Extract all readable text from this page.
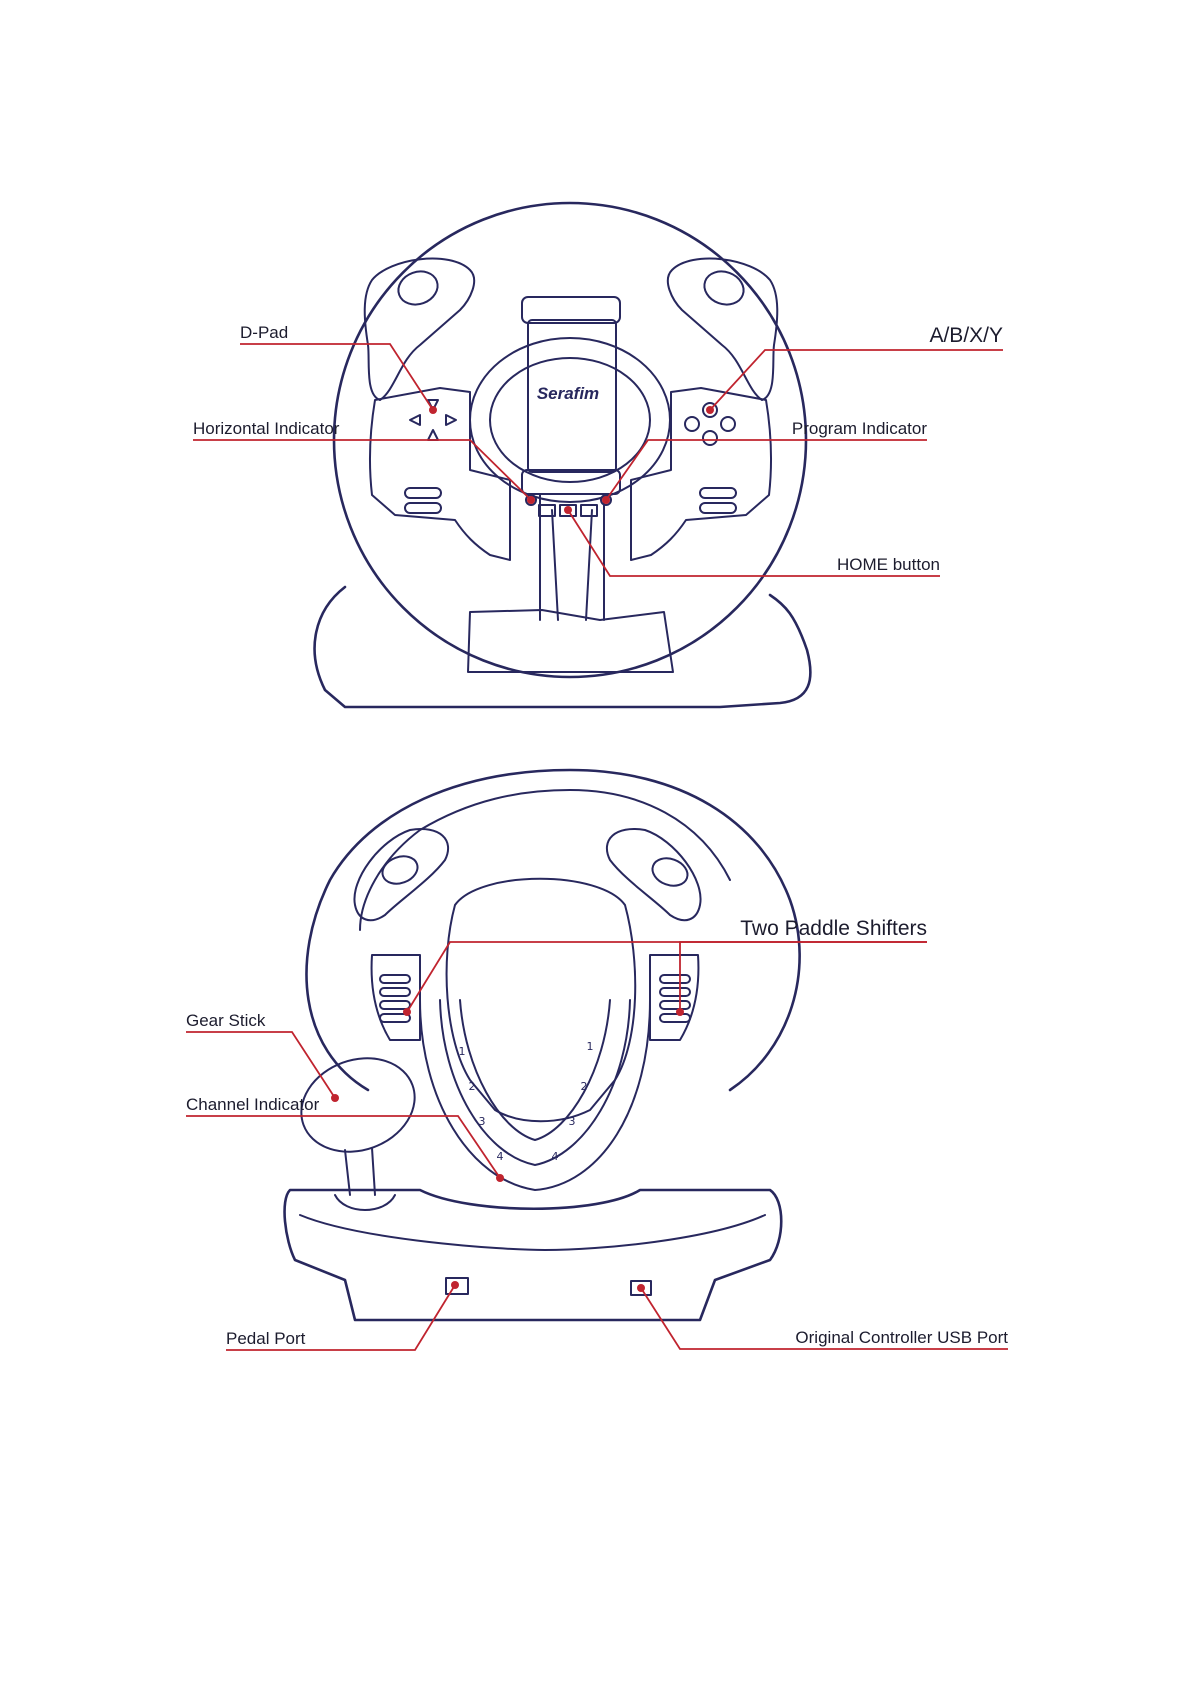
Serafim
D-Pad	A/B/X/Y
Horizontal Indicator	Program Indicator
HOME button
1
2
3
4
1
2
3
4
Two Paddle Shifters
Gear Stick
Channel Indicator
Pedal Port	Original Controller USB Port
